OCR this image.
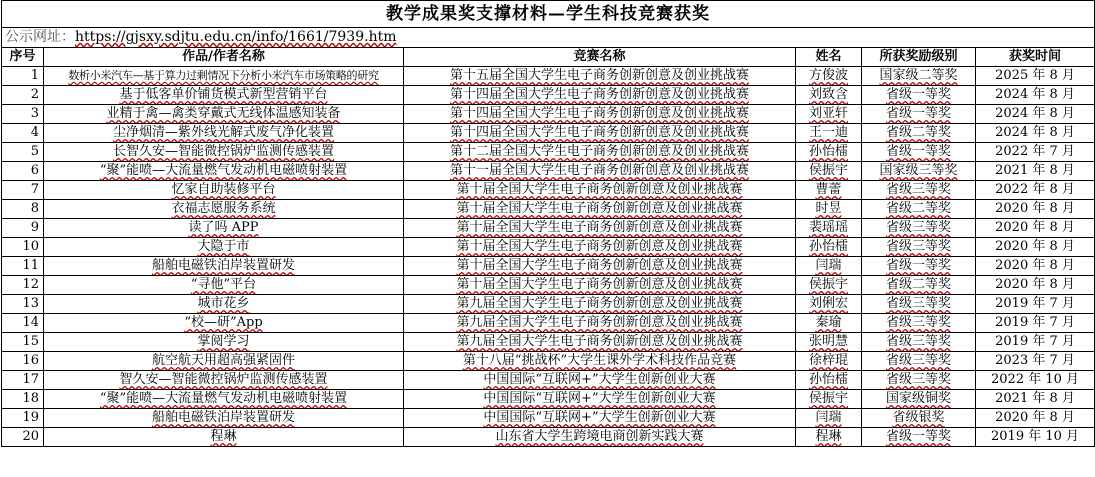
教学成果奖支撑材料—学生科技竞赛获奖					
公示网址：https://gjsxy.sdjtu.edu.cn/info/1661/7939.htm					
序号	作品/作者名称	竞赛名称	姓名	所获奖励级别	获奖时间
1	数析小米汽车—基于算力过剩情况下分析小米汽车市场策略的研究	第十五届全国大学生电子商务创新创意及创业挑战赛	方俊波	国家级二等奖	2025 年 8 月
2	基于低客单价铺货模式新型营销平台	第十四届全国大学生电子商务创新创意及创业挑战赛	刘致含	省级一等奖	2024 年 8 月
3	业精于禽—禽类穿戴式无线体温感知装备	第十四届全国大学生电子商务创新创意及创业挑战赛	刘亚轩	省级一等奖	2024 年 8 月
4	尘净烟清—紫外线光解式废气净化装置	第十四届全国大学生电子商务创新创意及创业挑战赛	王一迪	省级二等奖	2024 年 8 月
5	长智久安—智能微控锅炉监测传感装置	第十二届全国大学生电子商务创新创意及创业挑战赛	孙怡檑	省级一等奖	2022 年 7 月
6	“聚”能喷—大流量燃气发动机电磁喷射装置	第十一届全国大学生电子商务创新创意及创业挑战赛	侯振宇	国家级三等奖	2021 年 8 月
7	忆家自助装修平台	第十届全国大学生电子商务创新创意及创业挑战赛	曹蕾	省级三等奖	2022 年 8 月
8	衣福志愿服务系统	第十届全国大学生电子商务创新创意及创业挑战赛	时昱	省级二等奖	2020 年 8 月
9	读了吗 APP	第十届全国大学生电子商务创新创意及创业挑战赛	裴瑶瑶	省级三等奖	2020 年 8 月
10	大隐于市	第十届全国大学生电子商务创新创意及创业挑战赛	孙怡檑	省级三等奖	2020 年 8 月
11	船舶电磁铁泊岸装置研发	第十届全国大学生电子商务创新创意及创业挑战赛	闫瑞	省级一等奖	2020 年 8 月
12	“寻他”平台	第十届全国大学生电子商务创新创意及创业挑战赛	侯振宇	省级二等奖	2020 年 8 月
13	城市花乡	第九届全国大学生电子商务创新创意及创业挑战赛	刘俐宏	省级三等奖	2019 年 7 月
14	“校—研”App	第九届全国大学生电子商务创新创意及创业挑战赛	秦瑜	省级三等奖	2019 年 7 月
15	掌阅学习	第九届全国大学生电子商务创新创意及创业挑战赛	张明慧	省级三等奖	2019 年 7 月
16	航空航天用超高强紧固件	第十八届“挑战杯”大学生课外学术科技作品竞赛	徐梓琨	省级三等奖	2023 年 7 月
17	智久安—智能微控锅炉监测传感装置	中国国际“互联网+”大学生创新创业大赛	孙怡檑	省级三等奖	2022 年 10 月
18	“聚”能喷—大流量燃气发动机电磁喷射装置	中国国际“互联网+”大学生创新创业大赛	侯振宇	国家级铜奖	2021 年 8 月
19	船舶电磁铁泊岸装置研发	中国国际“互联网+”大学生创新创业大赛	闫瑞	省级银奖	2020 年 8 月
20	程琳	山东省大学生跨境电商创新实践大赛	程琳	省级一等奖	2019 年 10 月
